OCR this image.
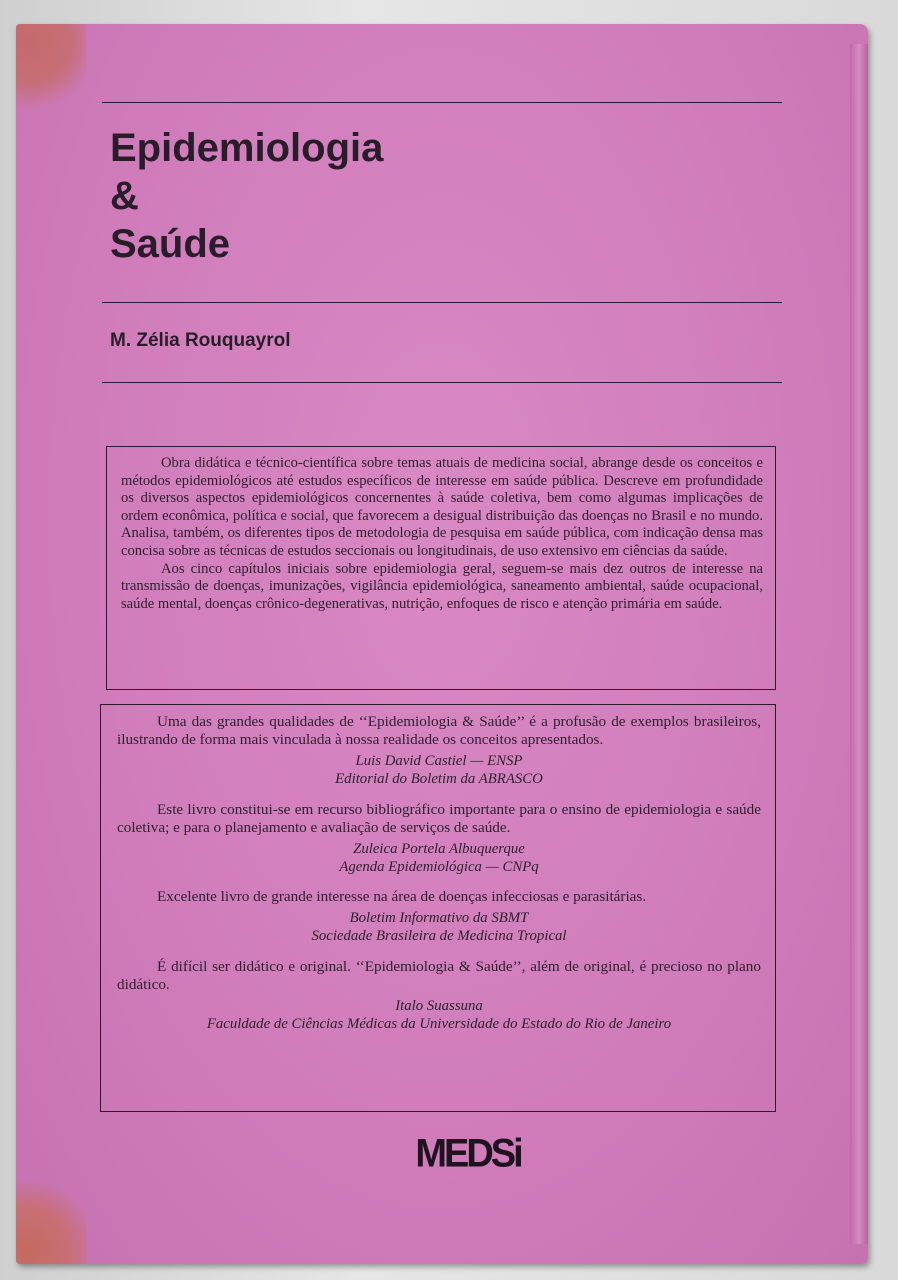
Epidemiologia
&
Saúde
M. Zélia Rouquayrol

Obra didática e técnico-científica sobre temas atuais de medicina social, abrange desde os conceitos e métodos epidemiológicos até estudos específicos de interesse em saúde pública. Descreve em profundidade os diversos aspectos epidemiológicos concernentes à saúde coletiva, bem como algumas implicações de ordem econômica, política e social, que favorecem a desigual distribuição das doenças no Brasil e no mundo. Analisa, também, os diferentes tipos de metodologia de pesquisa em saúde pública, com indicação densa mas concisa sobre as técnicas de estudos seccionais ou longitudinais, de uso extensivo em ciências da saúde.

Aos cinco capítulos iniciais sobre epidemiologia geral, seguem-se mais dez outros de interesse na transmissão de doenças, imunizações, vigilância epidemiológica, saneamento ambiental, saúde ocupacional, saúde mental, doenças crônico-degenerativas, nutrição, enfoques de risco e atenção primária em saúde.

Uma das grandes qualidades de ‘‘Epidemiologia & Saúde’’ é a profusão de exemplos brasileiros, ilustrando de forma mais vinculada à nossa realidade os conceitos apresentados.

Luis David Castiel — ENSP
Editorial do Boletim da ABRASCO

Este livro constitui-se em recurso bibliográfico importante para o ensino de epidemiologia e saúde coletiva; e para o planejamento e avaliação de serviços de saúde.

Zuleica Portela Albuquerque
Agenda Epidemiológica — CNPq

Excelente livro de grande interesse na área de doenças infecciosas e parasitárias.

Boletim Informativo da SBMT
Sociedade Brasileira de Medicina Tropical

É difícil ser didático e original. ‘‘Epidemiologia & Saúde’’, além de original, é precioso no plano didático.

Italo Suassuna
Faculdade de Ciências Médicas da Universidade do Estado do Rio de Janeiro
MEDSi
